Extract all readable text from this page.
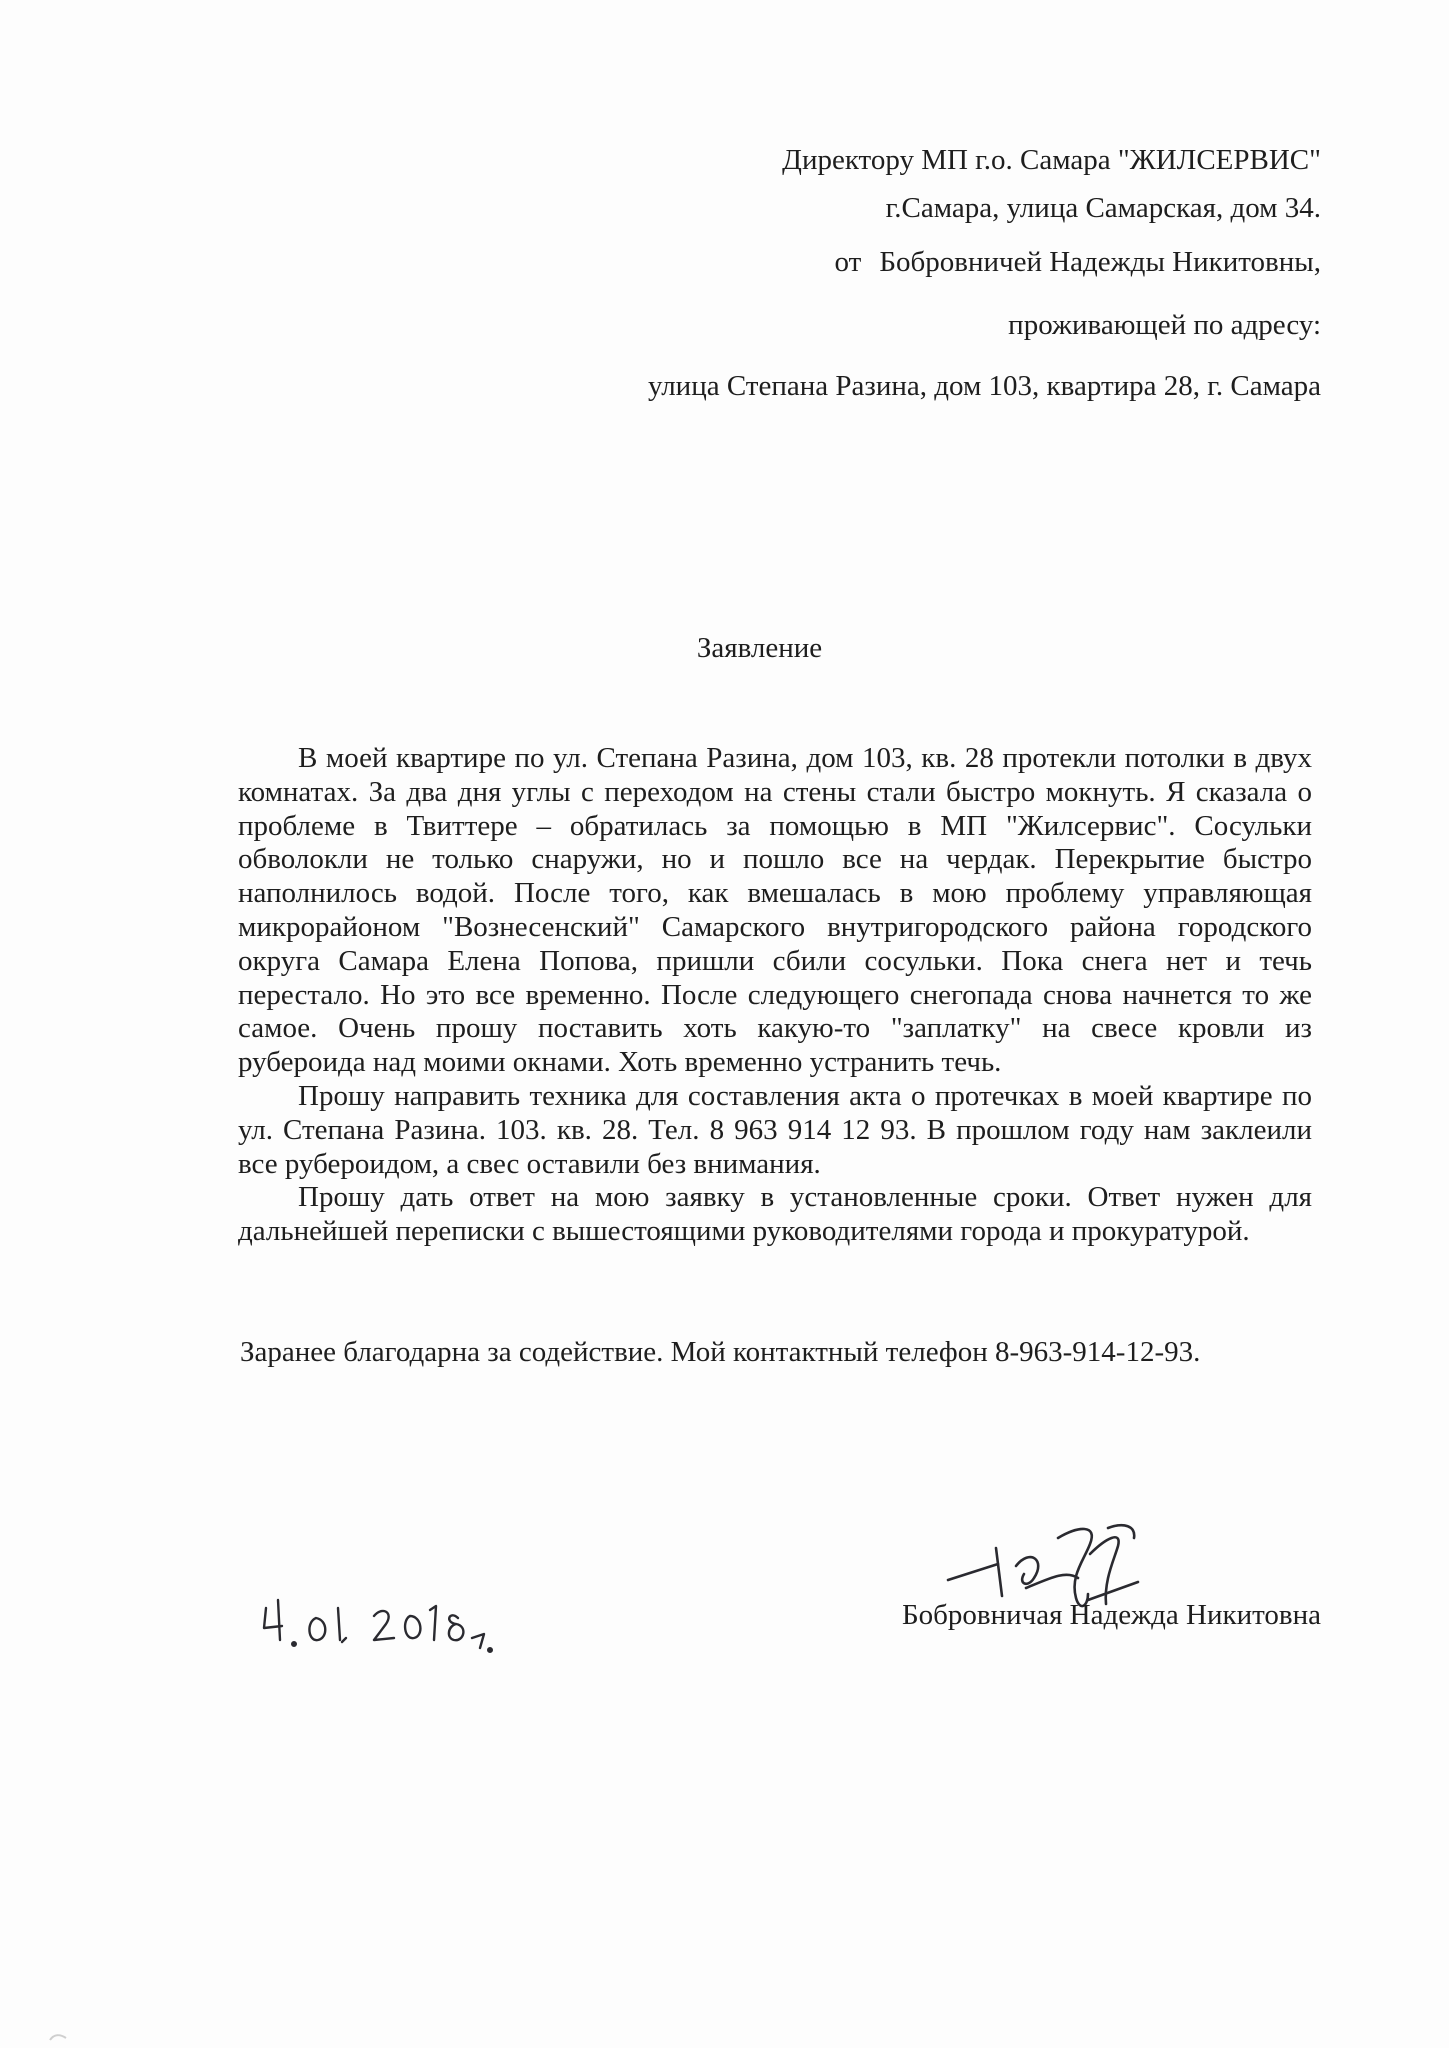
Директору МП г.о. Самара "ЖИЛСЕРВИС"
г.Самара, улица Самарская, дом 34.
от Бобровничей Надежды Никитовны,
проживающей по адресу:
улица Степана Разина, дом 103, квартира 28, г. Самара
Заявление

В моей квартире по ул. Степана Разина, дом 103, кв. 28 протекли потолки в двух комнатах. За два дня углы с переходом на стены стали быстро мокнуть. Я сказала о проблеме в Твиттере – обратилась за помощью в МП "Жилсервис". Сосульки обволокли не только снаружи, но и пошло все на чердак. Перекрытие быстро наполнилось водой. После того, как вмешалась в мою проблему управляющая микрорайоном "Вознесенский" Самарского внутригородского района городского округа Самара Елена Попова, пришли сбили сосульки. Пока снега нет и течь перестало. Но это все временно. После следующего снегопада снова начнется то же самое. Очень прошу поставить хоть какую-то "заплатку" на свесе кровли из рубероида над моими окнами. Хоть временно устранить течь.

Прошу направить техника для составления акта о протечках в моей квартире по ул. Степана Разина. 103. кв. 28. Тел. 8 963 914 12 93. В прошлом году нам заклеили все рубероидом, а свес оставили без внимания.

Прошу дать ответ на мою заявку в установленные сроки. Ответ нужен для дальнейшей переписки с вышестоящими руководителями города и прокуратурой.

Заранее благодарна за содействие. Мой контактный телефон 8-963-914-12-93.
Бобровничая Надежда Никитовна
